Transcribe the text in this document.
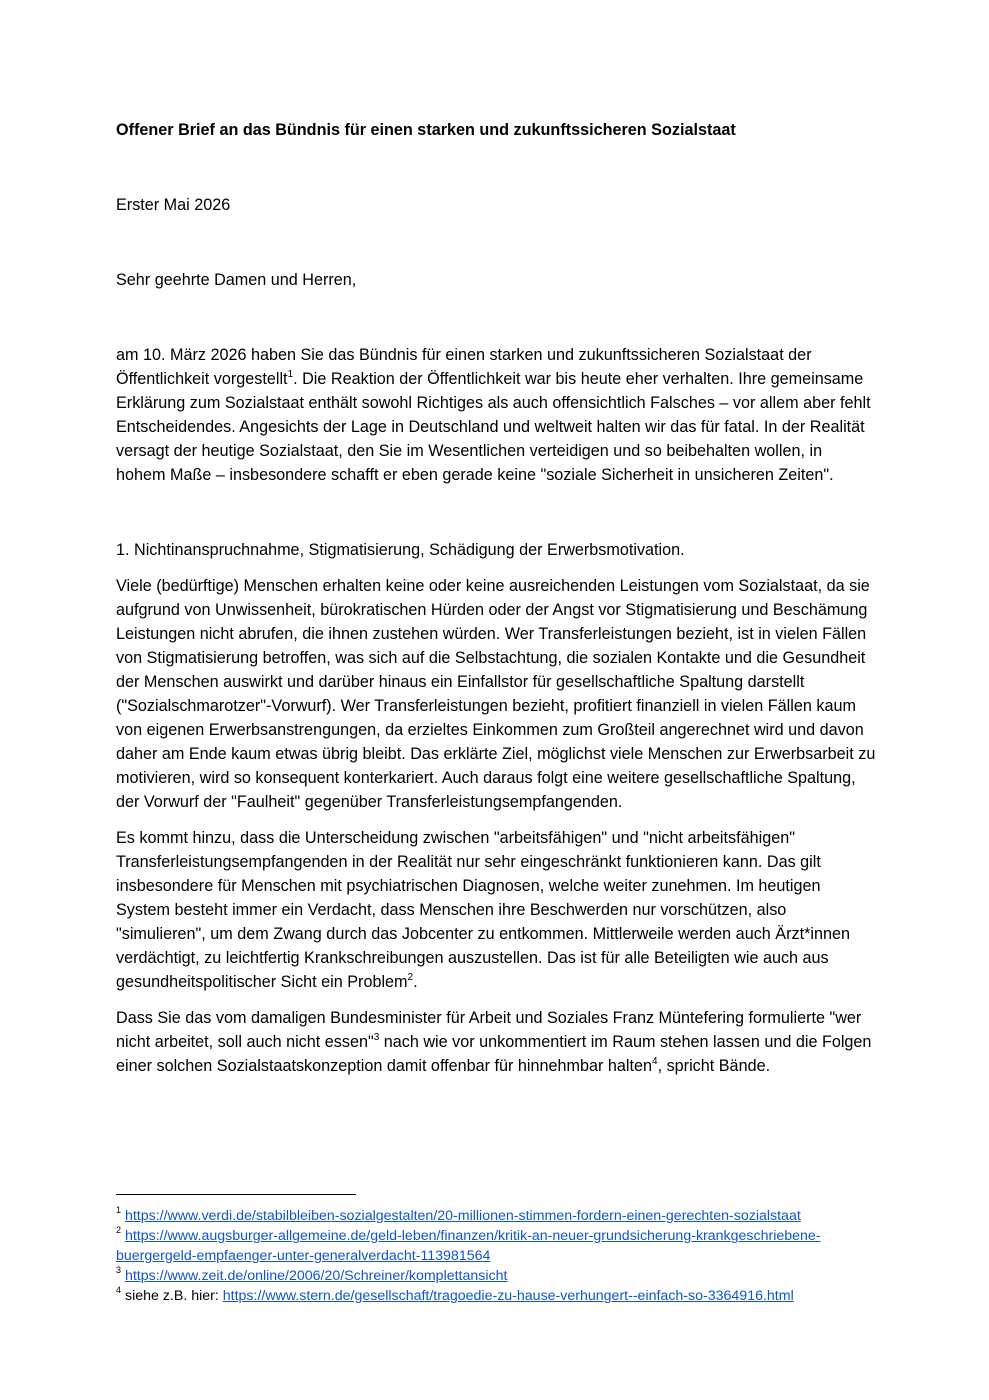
Offener Brief an das Bündnis für einen starken und zukunftssicheren Sozialstaat

Erster Mai 2026

Sehr geehrte Damen und Herren,

am 10. März 2026 haben Sie das Bündnis für einen starken und zukunftssicheren Sozialstaat der Öffentlichkeit vorgestellt$^1$. Die Reaktion der Öffentlichkeit war bis heute eher verhalten. Ihre gemeinsame Erklärung zum Sozialstaat enthält sowohl Richtiges als auch offensichtlich Falsches – vor allem aber fehlt Entscheidendes. Angesichts der Lage in Deutschland und weltweit halten wir das für fatal. In der Realität versagt der heutige Sozialstaat, den Sie im Wesentlichen verteidigen und so beibehalten wollen, in hohem Maße – insbesondere schafft er eben gerade keine "soziale Sicherheit in unsicheren Zeiten".

1. Nichtinanspruchnahme, Stigmatisierung, Schädigung der Erwerbsmotivation.

Viele (bedürftige) Menschen erhalten keine oder keine ausreichenden Leistungen vom Sozialstaat, da sie aufgrund von Unwissenheit, bürokratischen Hürden oder der Angst vor Stigmatisierung und Beschämung Leistungen nicht abrufen, die ihnen zustehen würden. Wer Transferleistungen bezieht, ist in vielen Fällen von Stigmatisierung betroffen, was sich auf die Selbstachtung, die sozialen Kontakte und die Gesundheit der Menschen auswirkt und darüber hinaus ein Einfallstor für gesellschaftliche Spaltung darstellt ("Sozialschmarotzer"-Vorwurf). Wer Transferleistungen bezieht, profitiert finanziell in vielen Fällen kaum von eigenen Erwerbsanstrengungen, da erzieltes Einkommen zum Großteil angerechnet wird und davon daher am Ende kaum etwas übrig bleibt. Das erklärte Ziel, möglichst viele Menschen zur Erwerbsarbeit zu motivieren, wird so konsequent konterkariert. Auch daraus folgt eine weitere gesellschaftliche Spaltung, der Vorwurf der "Faulheit" gegenüber Transferleistungsempfangenden.

Es kommt hinzu, dass die Unterscheidung zwischen "arbeitsfähigen" und "nicht arbeitsfähigen" Transferleistungsempfangenden in der Realität nur sehr eingeschränkt funktionieren kann. Das gilt insbesondere für Menschen mit psychiatrischen Diagnosen, welche weiter zunehmen. Im heutigen System besteht immer ein Verdacht, dass Menschen ihre Beschwerden nur vorschützen, also "simulieren", um dem Zwang durch das Jobcenter zu entkommen. Mittlerweile werden auch Ärzt*innen verdächtigt, zu leichtfertig Krankschreibungen auszustellen. Das ist für alle Beteiligten wie auch aus gesundheitspolitischer Sicht ein Problem$^2$.

Dass Sie das vom damaligen Bundesminister für Arbeit und Soziales Franz Müntefering formulierte "wer nicht arbeitet, soll auch nicht essen"$^3$ nach wie vor unkommentiert im Raum stehen lassen und die Folgen einer solchen Sozialstaatskonzeption damit offenbar für hinnehmbar halten$^4$, spricht Bände.

$^1$ https://www.verdi.de/stabilbleiben-sozialgestalten/20-millionen-stimmen-fordern-einen-gerechten-sozialstaat

$^2$ https://www.augsburger-allgemeine.de/geld-leben/finanzen/kritik-an-neuer-grundsicherung-krankgeschriebene-buergergeld-empfaenger-unter-generalverdacht-113981564

$^3$ https://www.zeit.de/online/2006/20/Schreiner/komplettansicht

$^4$ siehe z.B. hier: https://www.stern.de/gesellschaft/tragoedie-zu-hause-verhungert--einfach-so-3364916.html
